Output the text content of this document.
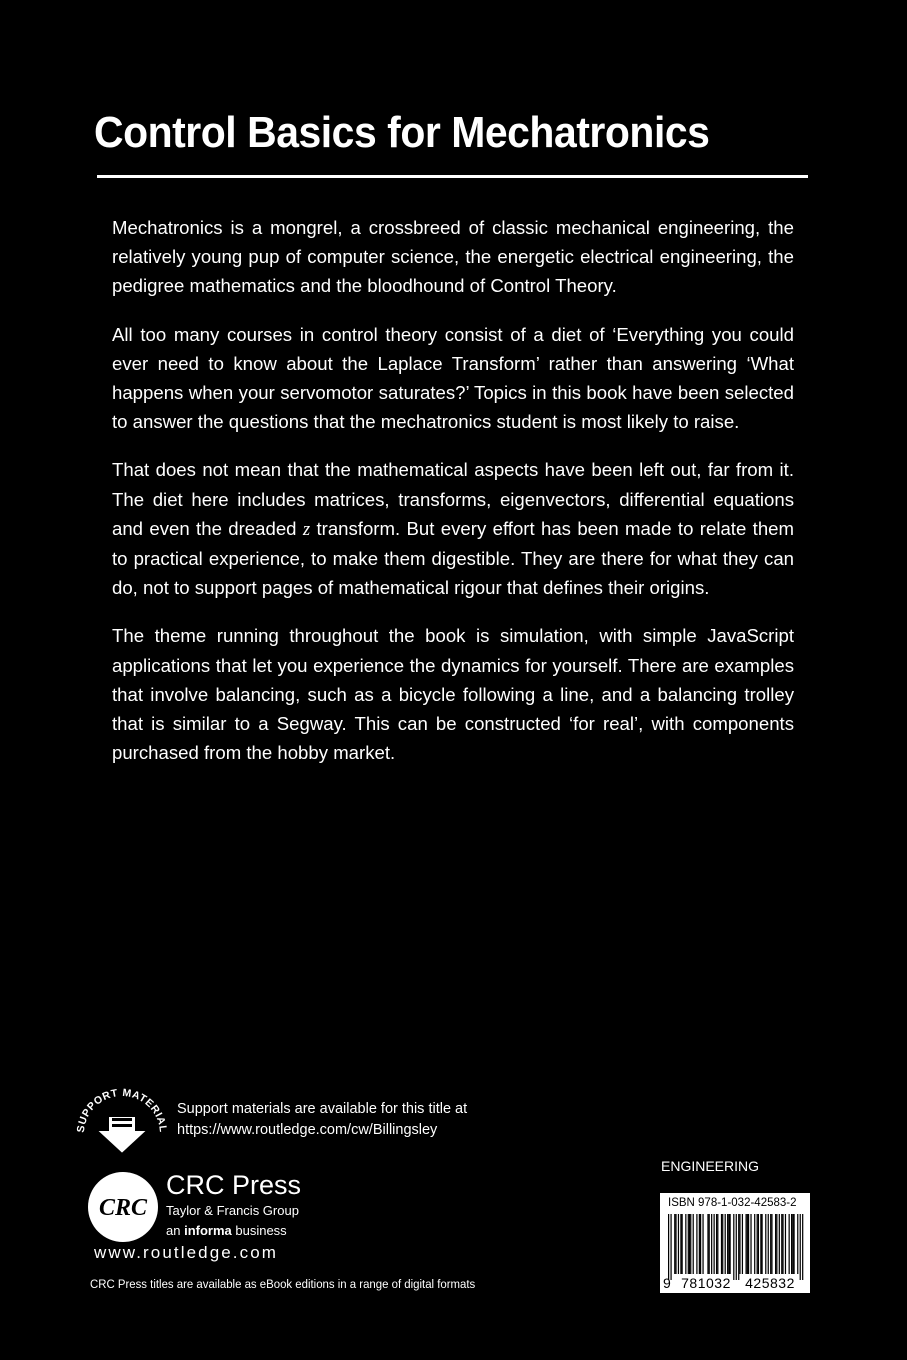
Control Basics for Mechatronics

Mechatronics is a mongrel, a crossbreed of classic mechanical engineering, the relatively young pup of computer science, the energetic electrical engineering, the pedigree mathematics and the bloodhound of Control Theory.

All too many courses in control theory consist of a diet of ‘Everything you could ever need to know about the Laplace Transform’ rather than answering ‘What happens when your servomotor saturates?’ Topics in this book have been selected to answer the questions that the mechatronics student is most likely to raise.

That does not mean that the mathematical aspects have been left out, far from it. The diet here includes matrices, transforms, eigenvectors, differential equations and even the dreaded z transform. But every effort has been made to relate them to practical experience, to make them digestible. They are there for what they can do, not to support pages of mathematical rigour that defines their origins.

The theme running throughout the book is simulation, with simple JavaScript applications that let you experience the dynamics for yourself. There are examples that involve balancing, such as a bicycle following a line, and a balancing trolley that is similar to a Segway. This can be constructed ‘for real’, with components purchased from the hobby market.

SUPPORT MATERIAL
Support materials are available for this title at
https://www.routledge.com/cw/Billingsley
CRC
CRC Press
Taylor & Francis Group
an informa business
www.routledge.com
CRC Press titles are available as eBook editions in a range of digital formats
ENGINEERING
ISBN 978-1-032-42583-2
9 781032 425832
